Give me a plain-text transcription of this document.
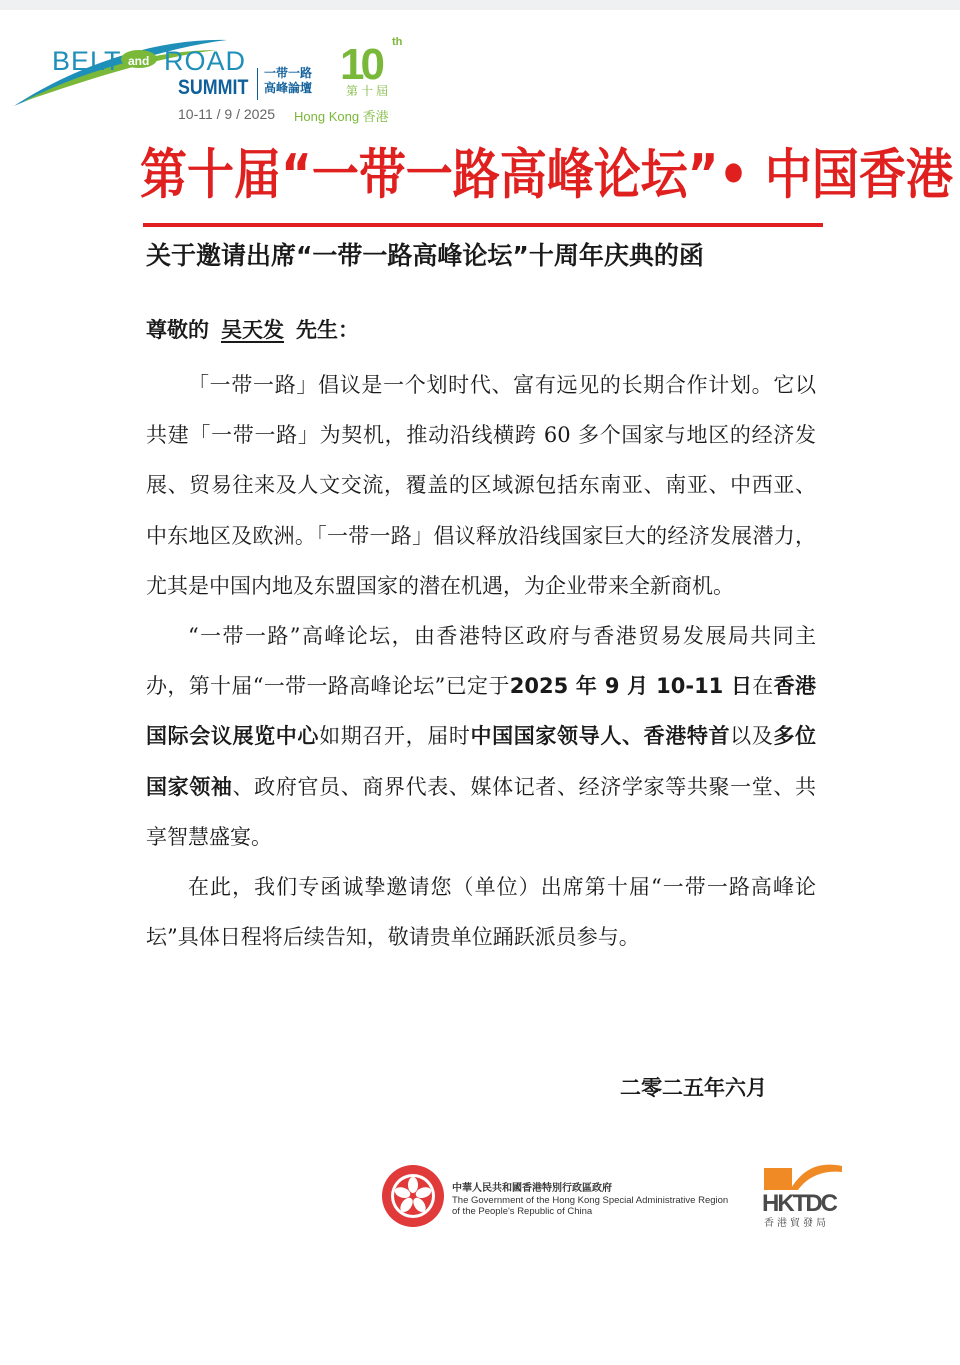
BELT and ROAD
SUMMIT
一带一路
高峰論壇 10 th
第十屆
10-11 / 9 / 2025 Hong Kong 香港
第十届“一带一路高峰论坛”• 中国香港
关于邀请出席“一带一路高峰论坛”十周年庆典的函
尊敬的 吴天发 先生：

「一带一路」倡议是一个划时代、富有远见的长期合作计划。它以共建「一带一路」为契机，推动沿线横跨 60 多个国家与地区的经济发展、贸易往来及人文交流，覆盖的区域源包括东南亚、南亚、中西亚、中东地区及欧洲。「一带一路」倡议释放沿线国家巨大的经济发展潜力，尤其是中国内地及东盟国家的潜在机遇，为企业带来全新商机。

“一带一路”高峰论坛，由香港特区政府与香港贸易发展局共同主办，第十届“一带一路高峰论坛”已定于2025 年 9 月 10-11 日在香港国际会议展览中心如期召开，届时中国国家领导人、香港特首以及多位国家领袖、政府官员、商界代表、媒体记者、经济学家等共聚一堂、共享智慧盛宴。

在此，我们专函诚挚邀请您（单位）出席第十届“一带一路高峰论坛”具体日程将后续告知，敬请贵单位踊跃派员参与。

二零二五年六月
中華人民共和國香港特別行政區政府
The Government of the Hong Kong Special Administrative Region
of the People's Republic of China	HKTDC
香港貿發局
